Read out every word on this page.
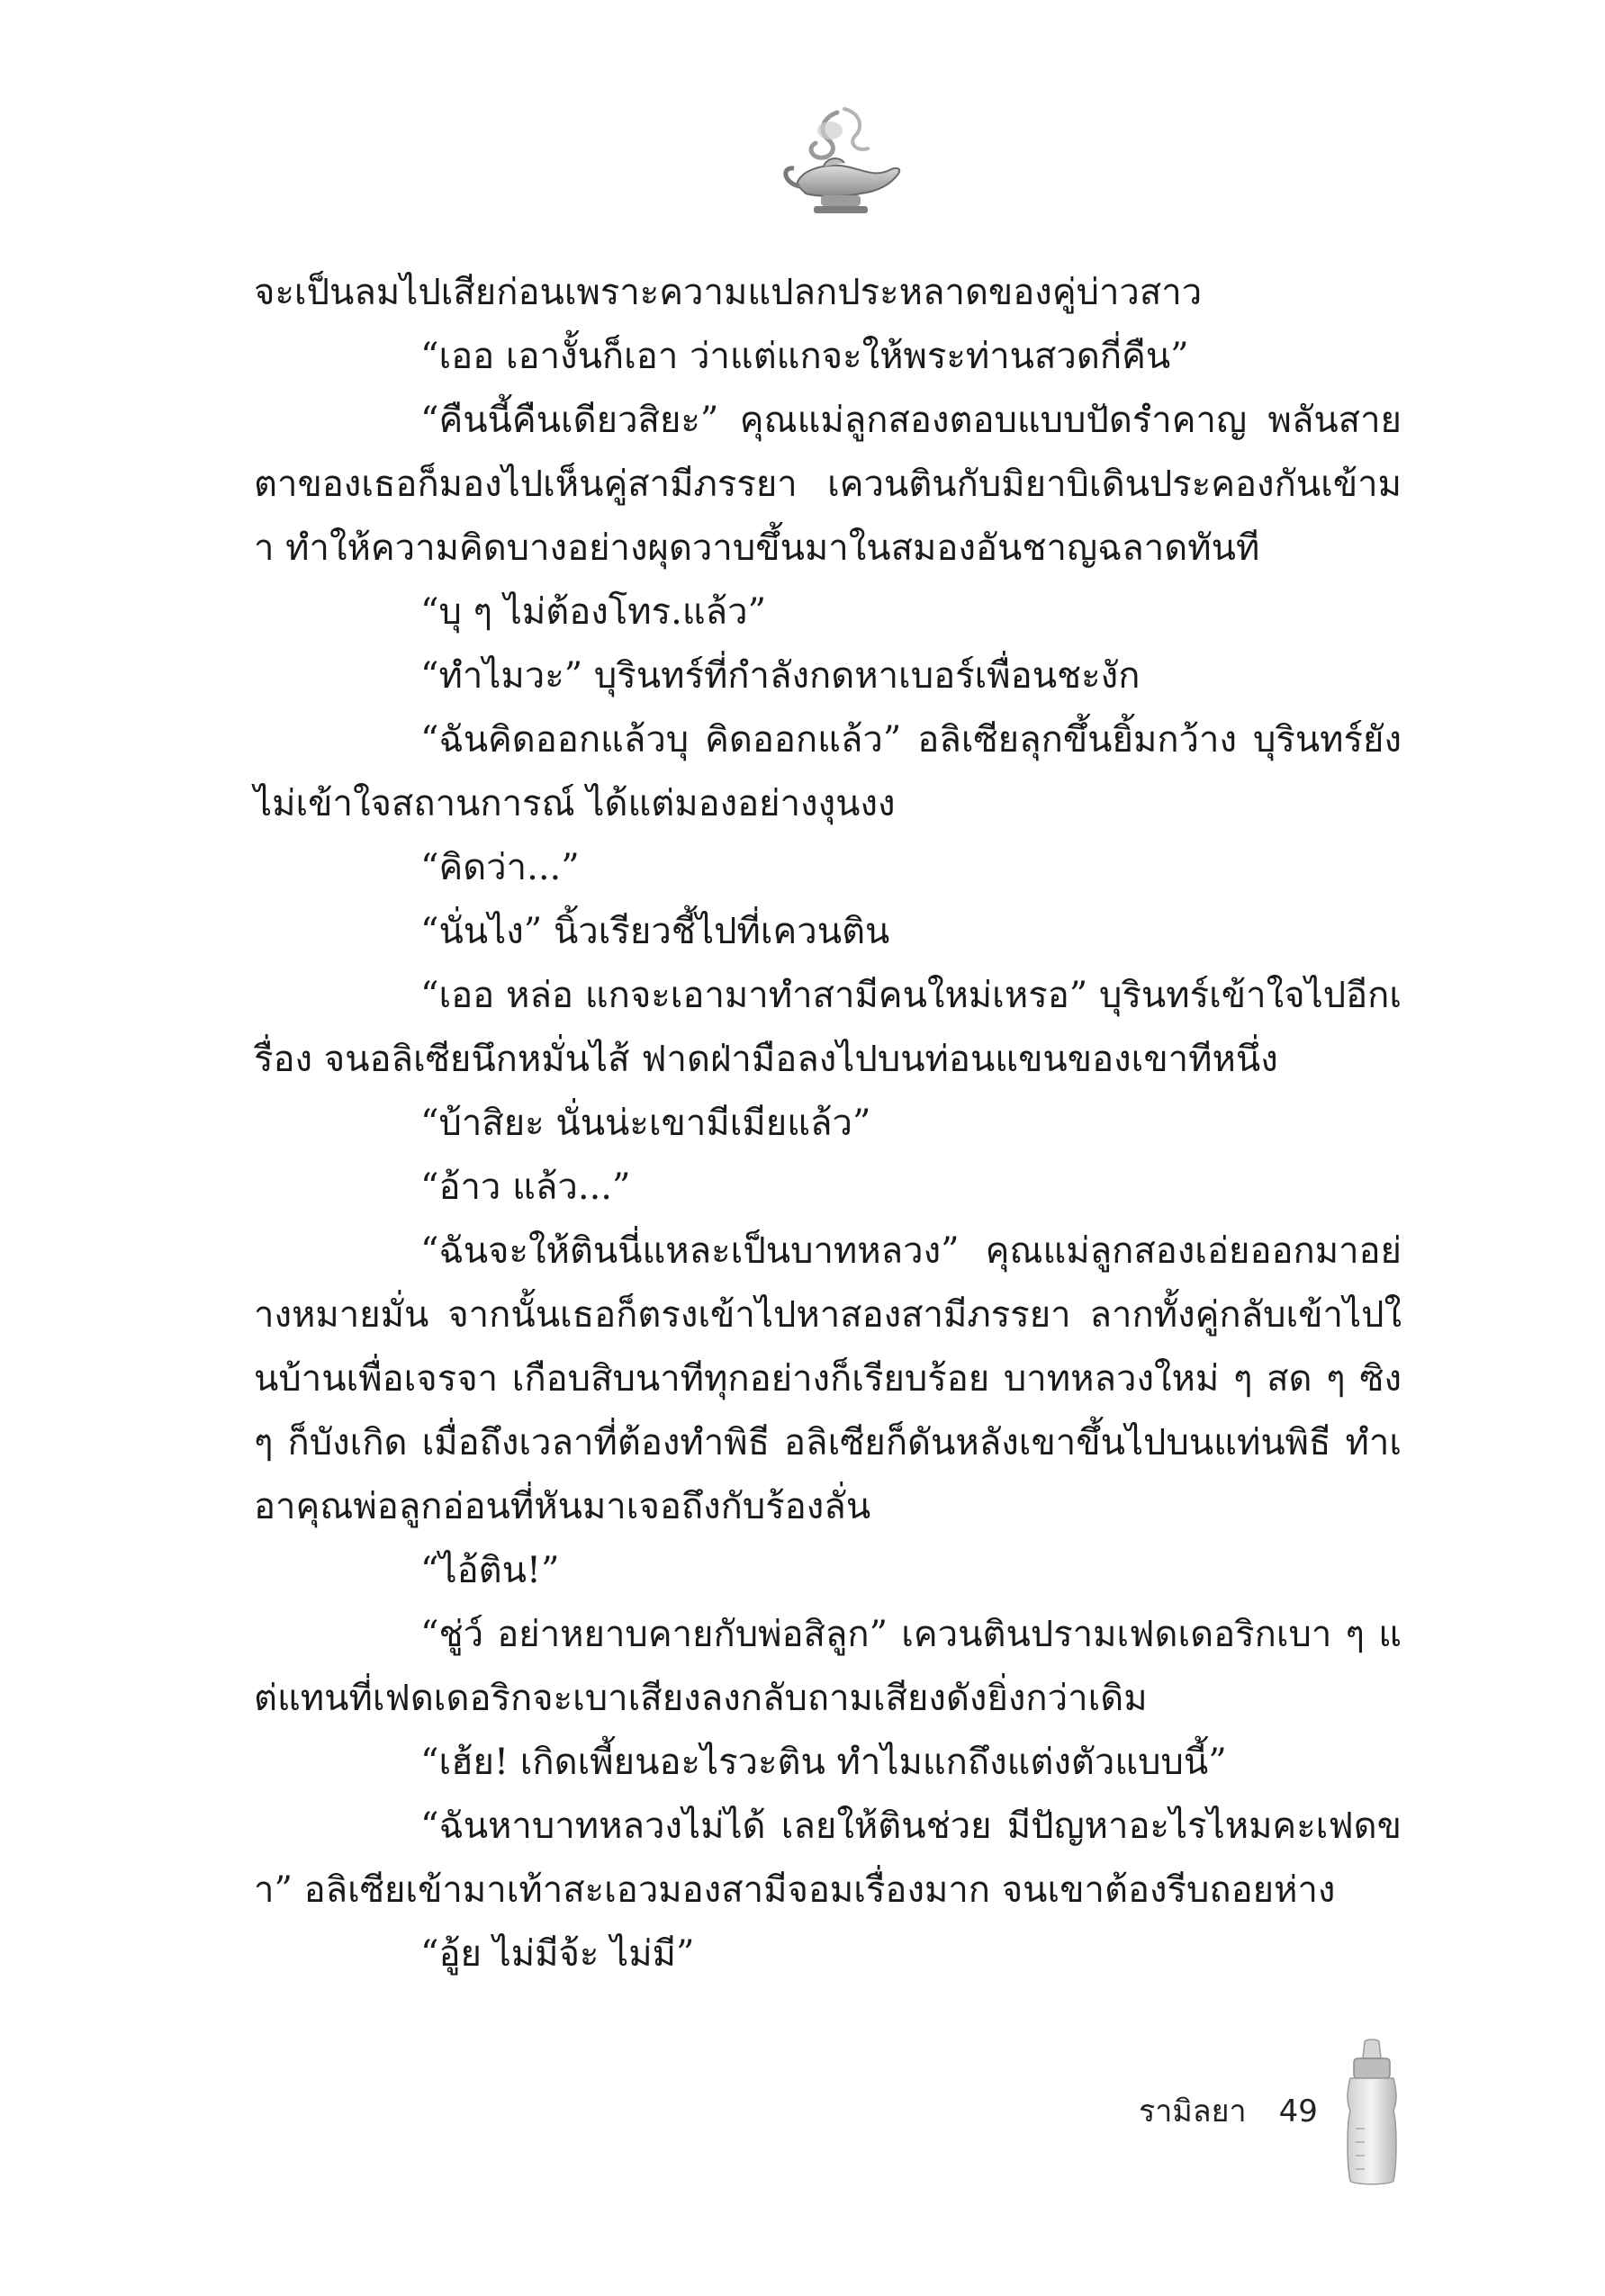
จะเป็นลมไปเสียก่อนเพราะความแปลกประหลาดของคู่บ่าวสาว

“เออ เอางั้นก็เอา ว่าแต่แกจะให้พระท่านสวดกี่คืน”

“คืนนี้คืนเดียวสิยะ” คุณแม่ลูกสองตอบแบบปัดรำคาญ พลันสายตาของเธอก็มองไปเห็นคู่สามีภรรยา เควนตินกับมิยาบิเดินประคองกันเข้ามา ทำให้ความคิดบางอย่างผุดวาบขึ้นมาในสมองอันชาญฉลาดทันที

“บุ ๆ ไม่ต้องโทร.แล้ว”

“ทำไมวะ” บุรินทร์ที่กำลังกดหาเบอร์เพื่อนชะงัก

“ฉันคิดออกแล้วบุ คิดออกแล้ว” อลิเซียลุกขึ้นยิ้มกว้าง บุรินทร์ยังไม่เข้าใจสถานการณ์ ได้แต่มองอย่างงุนงง

“คิดว่า...”

“นั่นไง” นิ้วเรียวชี้ไปที่เควนติน

“เออ หล่อ แกจะเอามาทำสามีคนใหม่เหรอ” บุรินทร์เข้าใจไปอีกเรื่อง จนอลิเซียนึกหมั่นไส้ ฟาดฝ่ามือลงไปบนท่อนแขนของเขาทีหนึ่ง

“บ้าสิยะ นั่นน่ะเขามีเมียแล้ว”

“อ้าว แล้ว...”

“ฉันจะให้ตินนี่แหละเป็นบาทหลวง” คุณแม่ลูกสองเอ่ยออกมาอย่างหมายมั่น จากนั้นเธอก็ตรงเข้าไปหาสองสามีภรรยา ลากทั้งคู่กลับเข้าไปในบ้านเพื่อเจรจา เกือบสิบนาทีทุกอย่างก็เรียบร้อย บาทหลวงใหม่ ๆ สด ๆ ซิง ๆ ก็บังเกิด เมื่อถึงเวลาที่ต้องทำพิธี อลิเซียก็ดันหลังเขาขึ้นไปบนแท่นพิธี ทำเอาคุณพ่อลูกอ่อนที่หันมาเจอถึงกับร้องลั่น

“ไอ้ติน!”

“ชู่ว์ อย่าหยาบคายกับพ่อสิลูก” เควนตินปรามเฟดเดอริกเบา ๆ แต่แทนที่เฟดเดอริกจะเบาเสียงลงกลับถามเสียงดังยิ่งกว่าเดิม

“เฮ้ย! เกิดเพี้ยนอะไรวะติน ทำไมแกถึงแต่งตัวแบบนี้”

“ฉันหาบาทหลวงไม่ได้ เลยให้ตินช่วย มีปัญหาอะไรไหมคะเฟดขา” อลิเซียเข้ามาเท้าสะเอวมองสามีจอมเรื่องมาก จนเขาต้องรีบถอยห่าง

“อู้ย ไม่มีจ้ะ ไม่มี”

รามิลยา 49
